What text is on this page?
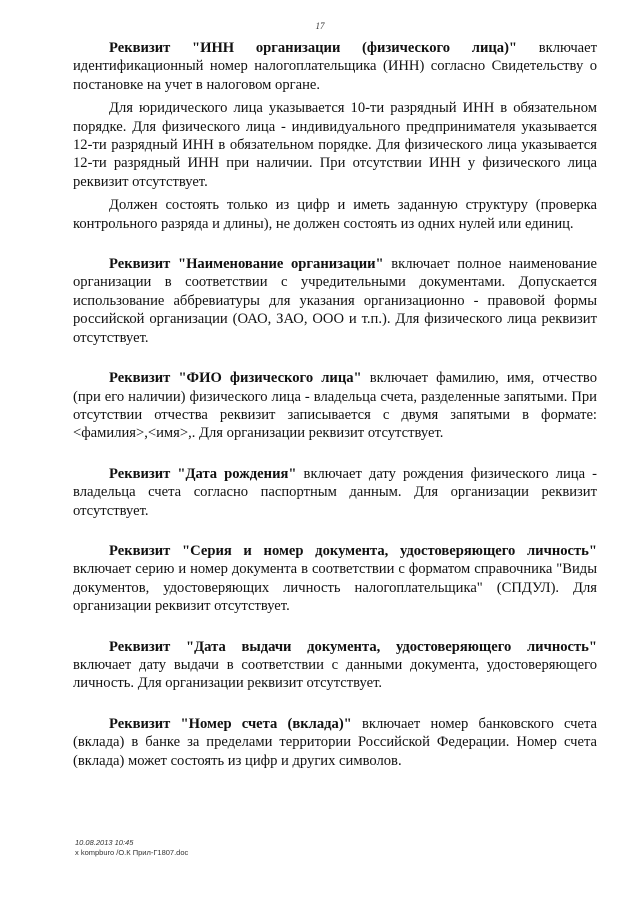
17

Реквизит "ИНН организации (физического лица)" включает идентификационный номер налогоплательщика (ИНН) согласно Свидетельству о постановке на учет в налоговом органе.

Для юридического лица указывается 10-ти разрядный ИНН в обязательном порядке. Для физического лица - индивидуального предпринимателя указывается 12-ти разрядный ИНН в обязательном порядке. Для физического лица указывается 12-ти разрядный ИНН при наличии. При отсутствии ИНН у физического лица реквизит отсутствует.

Должен состоять только из цифр и иметь заданную структуру (проверка контрольного разряда и длины), не должен состоять из одних нулей или единиц.

Реквизит "Наименование организации" включает полное наименование организации в соответствии с учредительными документами. Допускается использование аббревиатуры для указания организационно - правовой формы российской организации (ОАО, ЗАО, ООО и т.п.). Для физического лица реквизит отсутствует.

Реквизит "ФИО физического лица" включает фамилию, имя, отчество (при его наличии) физического лица - владельца счета, разделенные запятыми. При отсутствии отчества реквизит записывается с двумя запятыми в формате: <фамилия>,<имя>,. Для организации реквизит отсутствует.

Реквизит "Дата рождения" включает дату рождения физического лица - владельца счета согласно паспортным данным. Для организации реквизит отсутствует.

Реквизит "Серия и номер документа, удостоверяющего личность" включает серию и номер документа в соответствии с форматом справочника "Виды документов, удостоверяющих личность налогоплательщика" (СПДУЛ). Для организации реквизит отсутствует.

Реквизит "Дата выдачи документа, удостоверяющего личность" включает дату выдачи в соответствии с данными документа, удостоверяющего личность. Для организации реквизит отсутствует.

Реквизит "Номер счета (вклада)" включает номер банковского счета (вклада) в банке за пределами территории Российской Федерации. Номер счета (вклада) может состоять из цифр и других символов.

10.08.2013 10:45
x kompburo /О.К Прил-Г1807.doc
